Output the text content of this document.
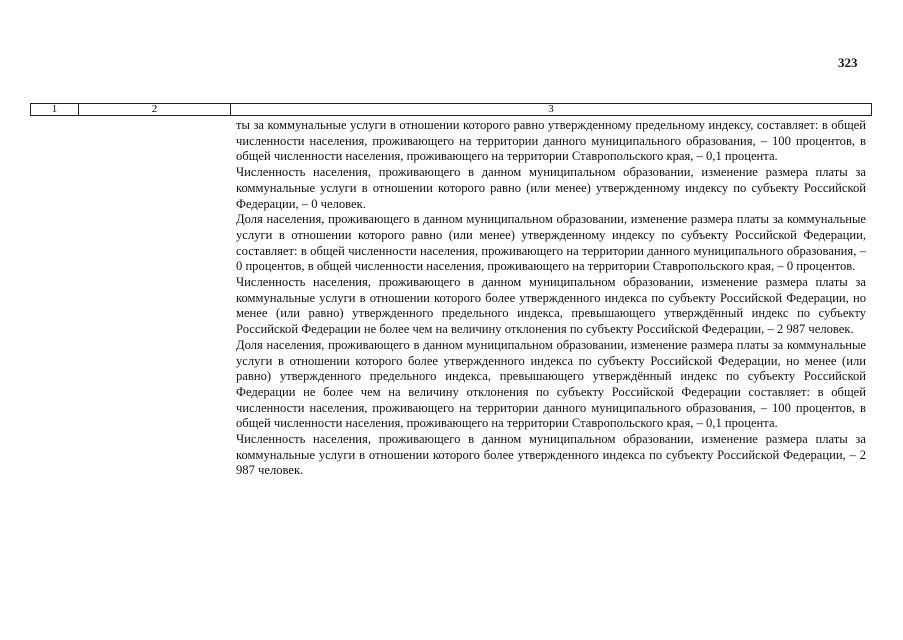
323
1	2	3

ты за коммунальные услуги в отношении которого равно утвержденному предельному индексу, составляет: в общей численности населения, проживающего на территории данного муниципального образования, – 100 процентов, в общей численности населения, проживающего на территории Ставропольского края, – 0,1 процента.

Численность населения, проживающего в данном муниципальном образовании, изменение размера платы за коммунальные услуги в отношении которого равно (или менее) утвержденному индексу по субъекту Российской Федерации, – 0 человек.

Доля населения, проживающего в данном муниципальном образовании, изменение размера платы за коммунальные услуги в отношении которого равно (или менее) утвержденному индексу по субъекту Российской Федерации, составляет: в общей численности населения, проживающего на территории данного муниципального образования, – 0 процентов, в общей численности населения, проживающего на территории Ставропольского края, – 0 процентов.

Численность населения, проживающего в данном муниципальном образовании, изменение размера платы за коммунальные услуги в отношении которого более утвержденного индекса по субъекту Российской Федерации, но менее (или равно) утвержденного предельного индекса, превышающего утверждённый индекс по субъекту Российской Федерации не более чем на величину отклонения по субъекту Российской Федерации, – 2 987 человек.

Доля населения, проживающего в данном муниципальном образовании, изменение размера платы за коммунальные услуги в отношении которого более утвержденного индекса по субъекту Российской Федерации, но менее (или равно) утвержденного предельного индекса, превышающего утверждённый индекс по субъекту Российской Федерации не более чем на величину отклонения по субъекту Российской Федерации составляет: в общей численности населения, проживающего на территории данного муниципального образования, – 100 процентов, в общей численности населения, проживающего на территории Ставропольского края, – 0,1 процента.

Численность населения, проживающего в данном муниципальном образовании, изменение размера платы за коммунальные услуги в отношении которого более утвержденного индекса по субъекту Российской Федерации, – 2 987 человек.
